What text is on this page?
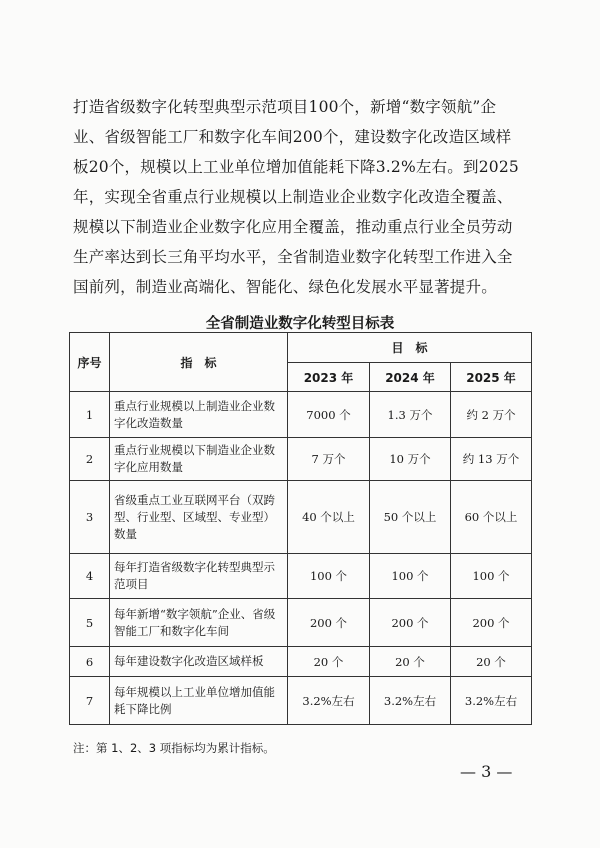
打造省级数字化转型典型示范项目100个，新增“数字领航”企
业、省级智能工厂和数字化车间200个，建设数字化改造区域样
板20个，规模以上工业单位增加值能耗下降3.2%左右。到2025
年，实现全省重点行业规模以上制造业企业数字化改造全覆盖、
规模以下制造业企业数字化应用全覆盖，推动重点行业全员劳动
生产率达到长三角平均水平，全省制造业数字化转型工作进入全
国前列，制造业高端化、智能化、绿色化发展水平显著提升。
全省制造业数字化转型目标表
序号	指　标	目　标		
		2023 年	2024 年	2025 年
1	重点行业规模以上制造业企业数字化改造数量	7000 个	1.3 万个	约 2 万个
2	重点行业规模以下制造业企业数字化应用数量	7 万个	10 万个	约 13 万个
3	省级重点工业互联网平台（双跨型、行业型、区域型、专业型）数量	40 个以上	50 个以上	60 个以上
4	每年打造省级数字化转型典型示范项目	100 个	100 个	100 个
5	每年新增“数字领航”企业、省级智能工厂和数字化车间	200 个	200 个	200 个
6	每年建设数字化改造区域样板	20 个	20 个	20 个
7	每年规模以上工业单位增加值能耗下降比例	3.2%左右	3.2%左右	3.2%左右
注：第 1、2、3 项指标均为累计指标。
— 3 —
